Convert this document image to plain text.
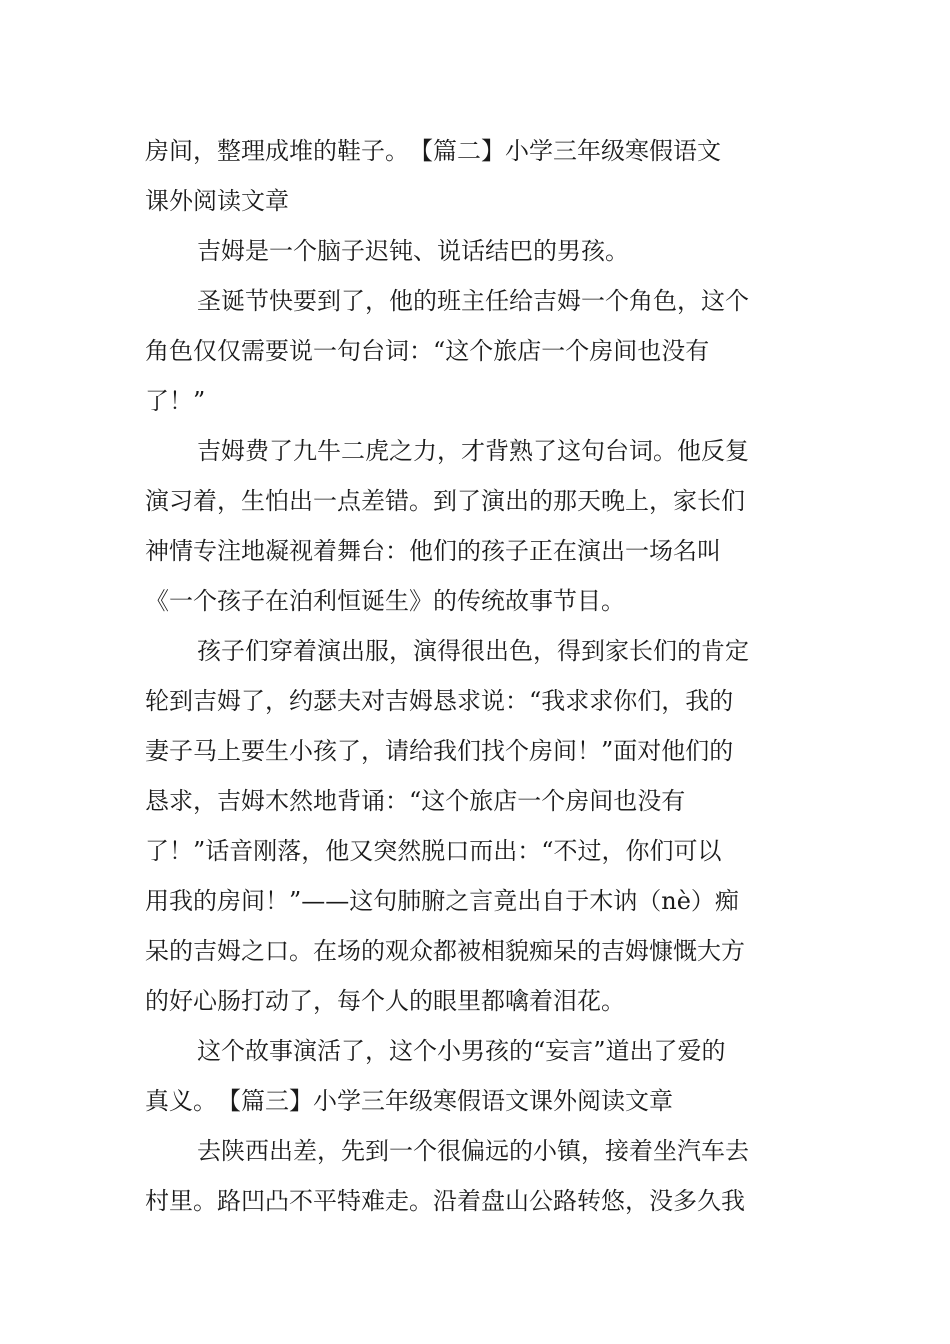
房间，整理成堆的鞋子。　【篇二】小学三年级寒假语文
课外阅读文章
吉姆是一个脑子迟钝、说话结巴的男孩。
圣诞节快要到了，他的班主任给吉姆一个角色，这个
角色仅仅需要说一句台词：“这个旅店一个房间也没有
了！”
吉姆费了九牛二虎之力，才背熟了这句台词。他反复
演习着，生怕出一点差错。到了演出的那天晚上，家长们
神情专注地凝视着舞台：他们的孩子正在演出一场名叫
《一个孩子在泊利恒诞生》的传统故事节目。
孩子们穿着演出服，演得很出色，得到家长们的肯定
轮到吉姆了，约瑟夫对吉姆恳求说：“我求求你们，我的
妻子马上要生小孩了，请给我们找个房间！”面对他们的
恳求，吉姆木然地背诵：“这个旅店一个房间也没有
了！”话音刚落，他又突然脱口而出：“不过，你们可以
用我的房间！”——这句肺腑之言竟出自于木讷（nè）痴
呆的吉姆之口。在场的观众都被相貌痴呆的吉姆慷慨大方
的好心肠打动了，每个人的眼里都噙着泪花。
这个故事演活了，这个小男孩的“妄言”道出了爱的
真义。　【篇三】小学三年级寒假语文课外阅读文章
去陕西出差，先到一个很偏远的小镇，接着坐汽车去
村里。路凹凸不平特难走。沿着盘山公路转悠，没多久我
